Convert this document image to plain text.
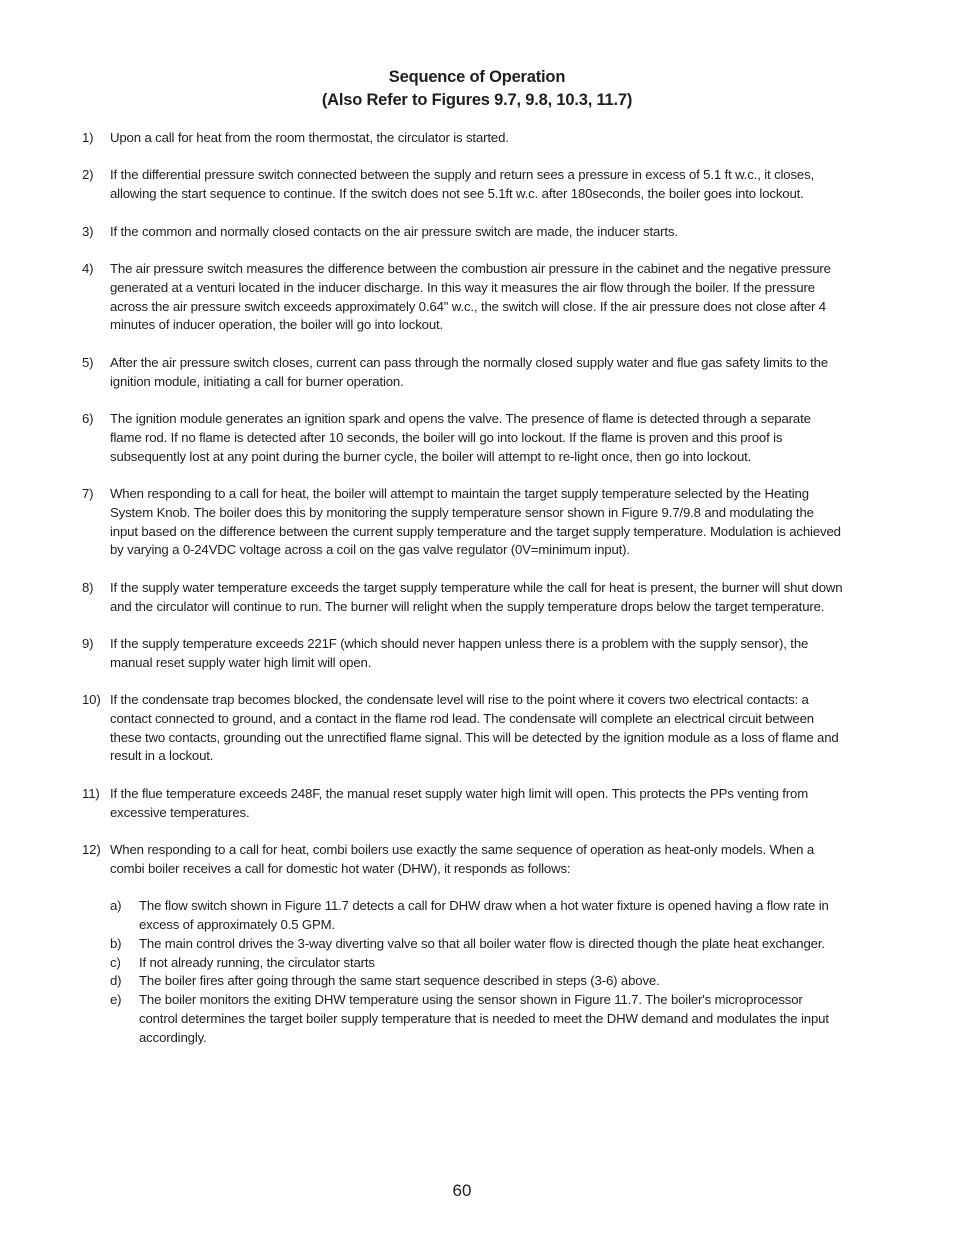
Sequence of Operation
(Also Refer to Figures 9.7, 9.8, 10.3, 11.7)
1)	Upon a call for heat from the room thermostat, the circulator is started.
2)	If the differential pressure switch connected between the supply and return sees a pressure in excess of 5.1 ft w.c., it closes, allowing the start sequence to continue. If the switch does not see 5.1ft w.c. after 180seconds, the boiler goes into lockout.
3)	If the common and normally closed contacts on the air pressure switch are made, the inducer starts.
4)	The air pressure switch measures the difference between the combustion air pressure in the cabinet and the negative pressure generated at a venturi located in the inducer discharge. In this way it measures the air flow through the boiler. If the pressure across the air pressure switch exceeds approximately 0.64" w.c., the switch will close. If the air pressure does not close after 4 minutes of inducer operation, the boiler will go into lockout.
5)	After the air pressure switch closes, current can pass through the normally closed supply water and flue gas safety limits to the ignition module, initiating a call for burner operation.
6)	The ignition module generates an ignition spark and opens the valve. The presence of flame is detected through a separate flame rod. If no flame is detected after 10 seconds, the boiler will go into lockout. If the flame is proven and this proof is subsequently lost at any point during the burner cycle, the boiler will attempt to re-light once, then go into lockout.
7)	When responding to a call for heat, the boiler will attempt to maintain the target supply temperature selected by the Heating System Knob. The boiler does this by monitoring the supply temperature sensor shown in Figure 9.7/9.8 and modulating the input based on the difference between the current supply temperature and the target supply temperature. Modulation is achieved by varying a 0-24VDC voltage across a coil on the gas valve regulator (0V=minimum input).
8)	If the supply water temperature exceeds the target supply temperature while the call for heat is present, the burner will shut down and the circulator will continue to run. The burner will relight when the supply temperature drops below the target temperature.
9)	If the supply temperature exceeds 221F (which should never happen unless there is a problem with the supply sensor), the manual reset supply water high limit will open.
10) If the condensate trap becomes blocked, the condensate level will rise to the point where it covers two electrical contacts: a contact connected to ground, and a contact in the flame rod lead. The condensate will complete an electrical circuit between these two contacts, grounding out the unrectified flame signal. This will be detected by the ignition module as a loss of flame and result in a lockout.
11) If the flue temperature exceeds 248F, the manual reset supply water high limit will open. This protects the PPs venting from excessive temperatures.
12) When responding to a call for heat, combi boilers use exactly the same sequence of operation as heat-only models. When a combi boiler receives a call for domestic hot water (DHW), it responds as follows:
a)	The flow switch shown in Figure 11.7 detects a call for DHW draw when a hot water fixture is opened having a flow rate in excess of approximately 0.5 GPM.
b)	The main control drives the 3-way diverting valve so that all boiler water flow is directed though the plate heat exchanger.
c)	If not already running, the circulator starts
d)	The boiler fires after going through the same start sequence described in steps (3-6) above.
e)	The boiler monitors the exiting DHW temperature using the sensor shown in Figure 11.7. The boiler's microprocessor control determines the target boiler supply temperature that is needed to meet the DHW demand and modulates the input accordingly.
60
